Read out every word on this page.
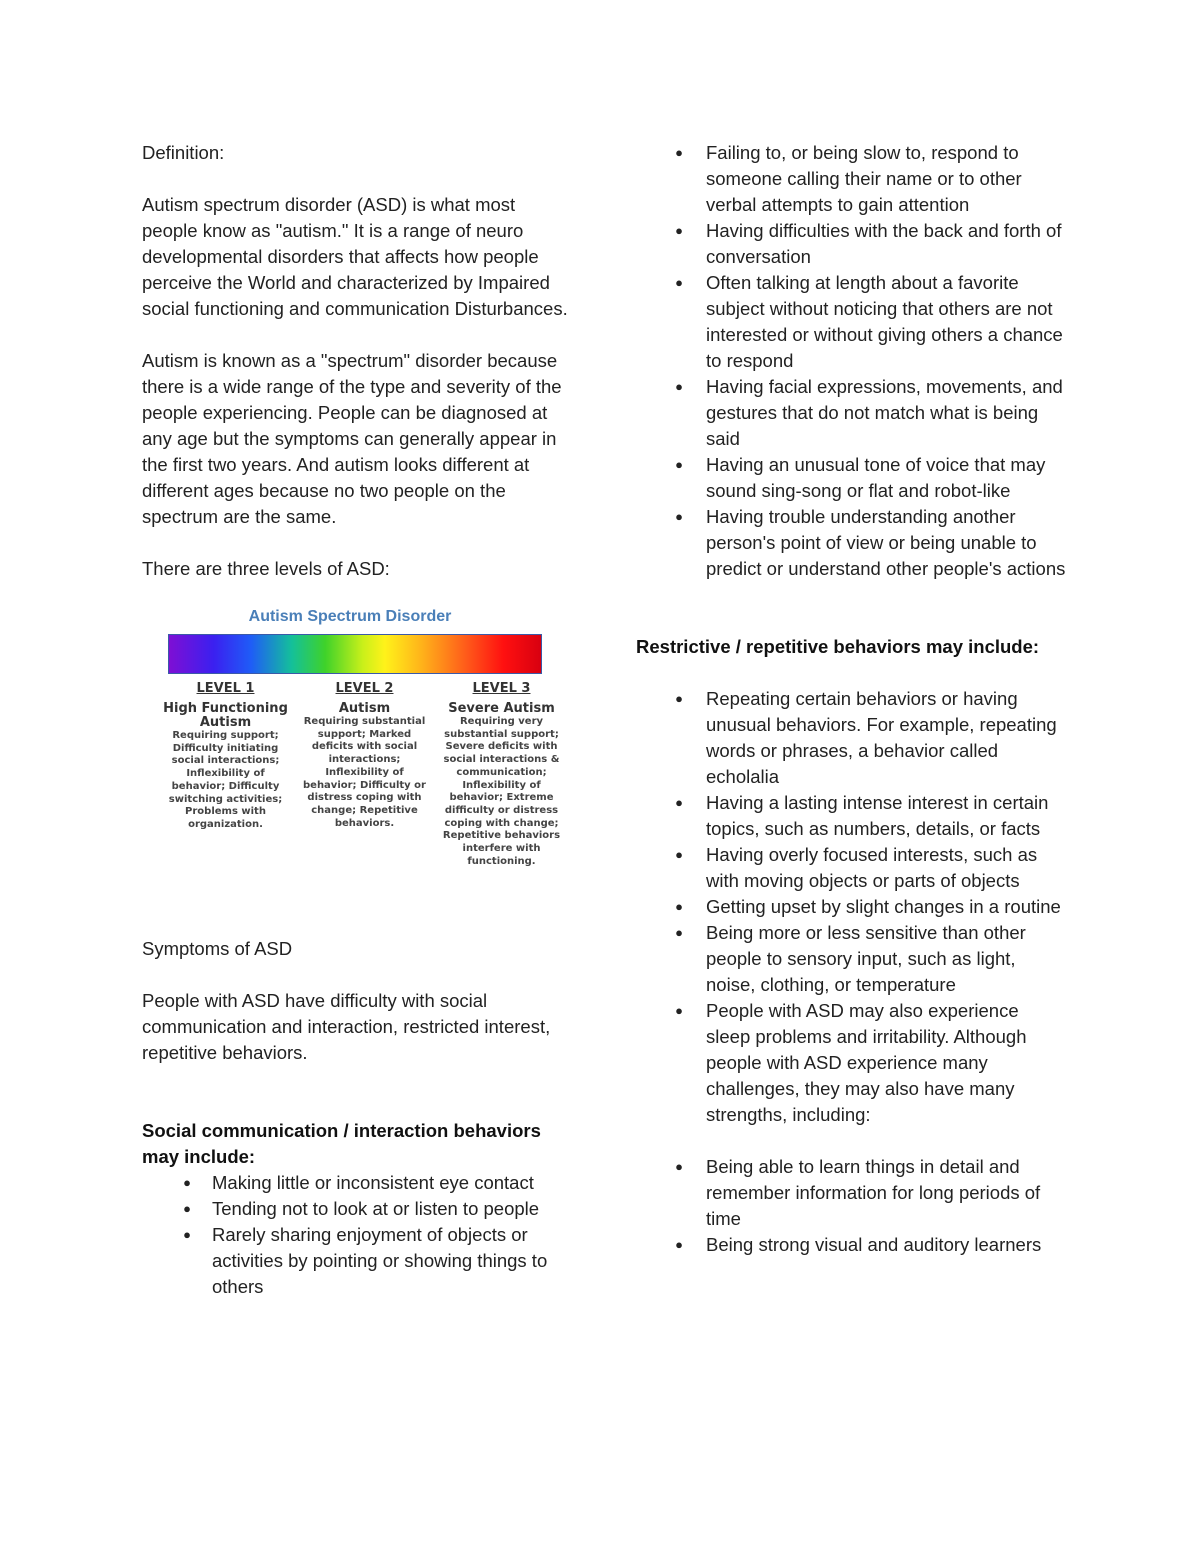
Definition:

Autism spectrum disorder (ASD) is what most people know as "autism." It is a range of neuro developmental disorders that affects how people perceive the World and characterized by Impaired social functioning and communication Disturbances.

Autism is known as a "spectrum" disorder because there is a wide range of the type and severity of the people experiencing. People can be diagnosed at any age but the symptoms can generally appear in the first two years. And autism looks different at different ages because no two people on the spectrum are the same.

There are three levels of ASD:

Autism Spectrum Disorder
LEVEL 1
High Functioning Autism
Requiring support; Difficulty initiating social interactions; Inflexibility of behavior; Difficulty switching activities; Problems with organization.
LEVEL 2
Autism
Requiring substantial support; Marked deficits with social interactions; Inflexibility of behavior; Difficulty or distress coping with change; Repetitive behaviors.
LEVEL 3
Severe Autism
Requiring very substantial support; Severe deficits with social interactions & communication; Inflexibility of behavior; Extreme difficulty or distress coping with change; Repetitive behaviors interfere with functioning.

Symptoms of ASD

People with ASD have difficulty with social communication and interaction, restricted interest, repetitive behaviors.

Social communication / interaction behaviors may include:

● Making little or inconsistent eye contact
● Tending not to look at or listen to people
● Rarely sharing enjoyment of objects or activities by pointing or showing things to others
● Failing to, or being slow to, respond to someone calling their name or to other verbal attempts to gain attention
● Having difficulties with the back and forth of conversation
● Often talking at length about a favorite subject without noticing that others are not interested or without giving others a chance to respond
● Having facial expressions, movements, and gestures that do not match what is being said
● Having an unusual tone of voice that may sound sing-song or flat and robot-like
● Having trouble understanding another person's point of view or being unable to predict or understand other people's actions

Restrictive / repetitive behaviors may include:

● Repeating certain behaviors or having unusual behaviors. For example, repeating words or phrases, a behavior called echolalia
● Having a lasting intense interest in certain topics, such as numbers, details, or facts
● Having overly focused interests, such as with moving objects or parts of objects
● Getting upset by slight changes in a routine
● Being more or less sensitive than other people to sensory input, such as light, noise, clothing, or temperature
● People with ASD may also experience sleep problems and irritability. Although people with ASD experience many challenges, they may also have many strengths, including:
● Being able to learn things in detail and remember information for long periods of time
● Being strong visual and auditory learners
